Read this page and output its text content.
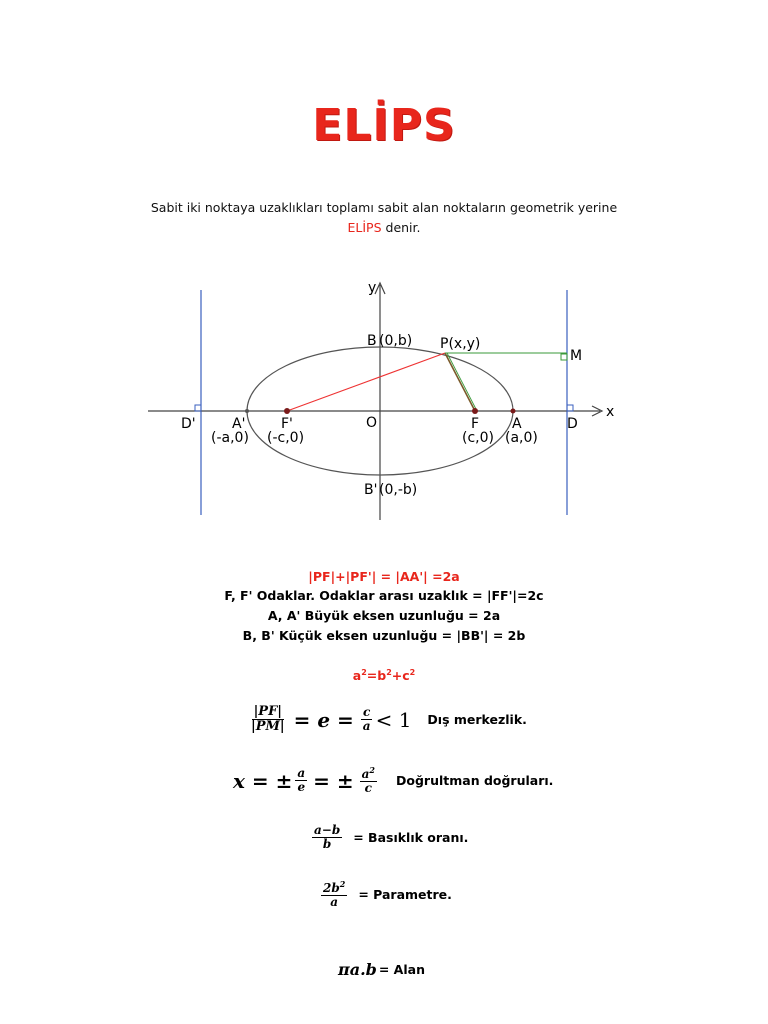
ELİPS
Sabit iki noktaya uzaklıkları toplamı sabit alan noktaların geometrik yerine
ELİPS denir.
y
x
O
B (0,b)
B' (0,-b)
P(x,y)
M
D'	A'	F'	F A	D
(-a,0) (-c,0)	(c,0) (a,0)
|PF|+|PF'| = |AA'| =2a
F, F' Odaklar. Odaklar arası uzaklık = |FF'|=2c
A, A' Büyük eksen uzunluğu = 2a
B, B' Küçük eksen uzunluğu = |BB'| = 2b
$a^2=b^2+c^2$
$\frac{|PF|}{|PM|} = e = \frac{c}{a} < 1$ Dış merkezlik.
x = ± $\frac{a}{e}$ = ± $\frac{a^2}{c}$ Doğrultman doğruları.
$\frac{a-b}{b}$ = Basıklık oranı.
$\frac{2b^2}{a}$ = Parametre.
πa.b = Alan
